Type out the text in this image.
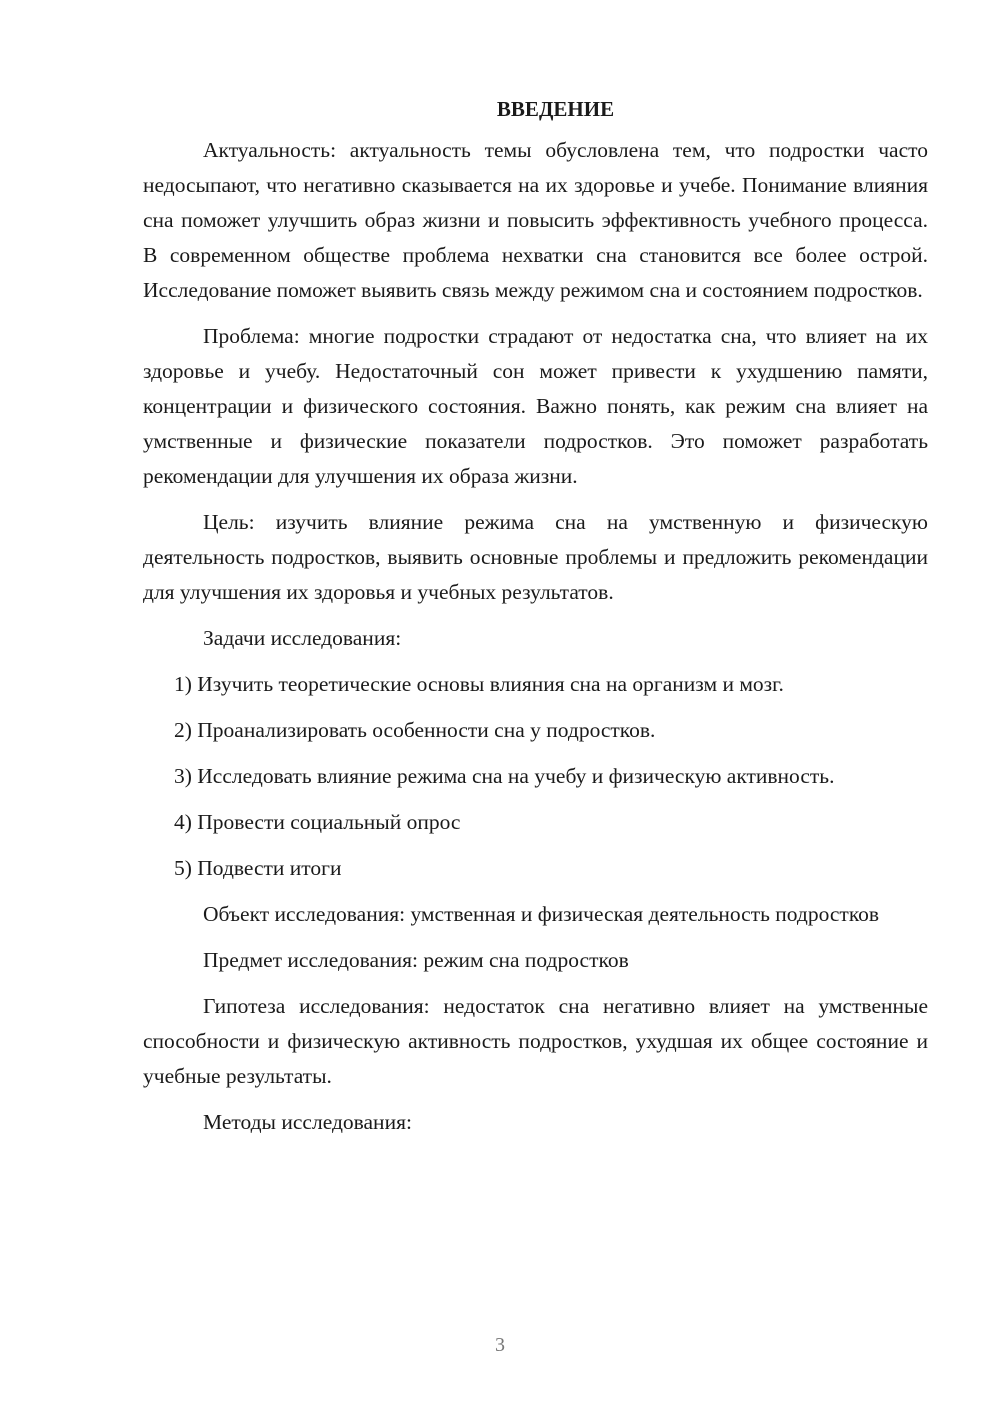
ВВЕДЕНИЕ

Актуальность: актуальность темы обусловлена тем, что подростки часто недосыпают, что негативно сказывается на их здоровье и учебе. Понимание влияния сна поможет улучшить образ жизни и повысить эффективность учебного процесса. В современном обществе проблема нехватки сна становится все более острой. Исследование поможет выявить связь между режимом сна и состоянием подростков.

Проблема: многие подростки страдают от недостатка сна, что влияет на их здоровье и учебу. Недостаточный сон может привести к ухудшению памяти, концентрации и физического состояния. Важно понять, как режим сна влияет на умственные и физические показатели подростков. Это поможет разработать рекомендации для улучшения их образа жизни.

Цель: изучить влияние режима сна на умственную и физическую деятельность подростков, выявить основные проблемы и предложить рекомендации для улучшения их здоровья и учебных результатов.

Задачи исследования:

1) Изучить теоретические основы влияния сна на организм и мозг.

2) Проанализировать особенности сна у подростков.

3) Исследовать влияние режима сна на учебу и физическую активность.

4) Провести социальный опрос

5) Подвести итоги

Объект исследования: умственная и физическая деятельность подростков

Предмет исследования: режим сна подростков

Гипотеза исследования: недостаток сна негативно влияет на умственные способности и физическую активность подростков, ухудшая их общее состояние и учебные результаты.

Методы исследования:

3
